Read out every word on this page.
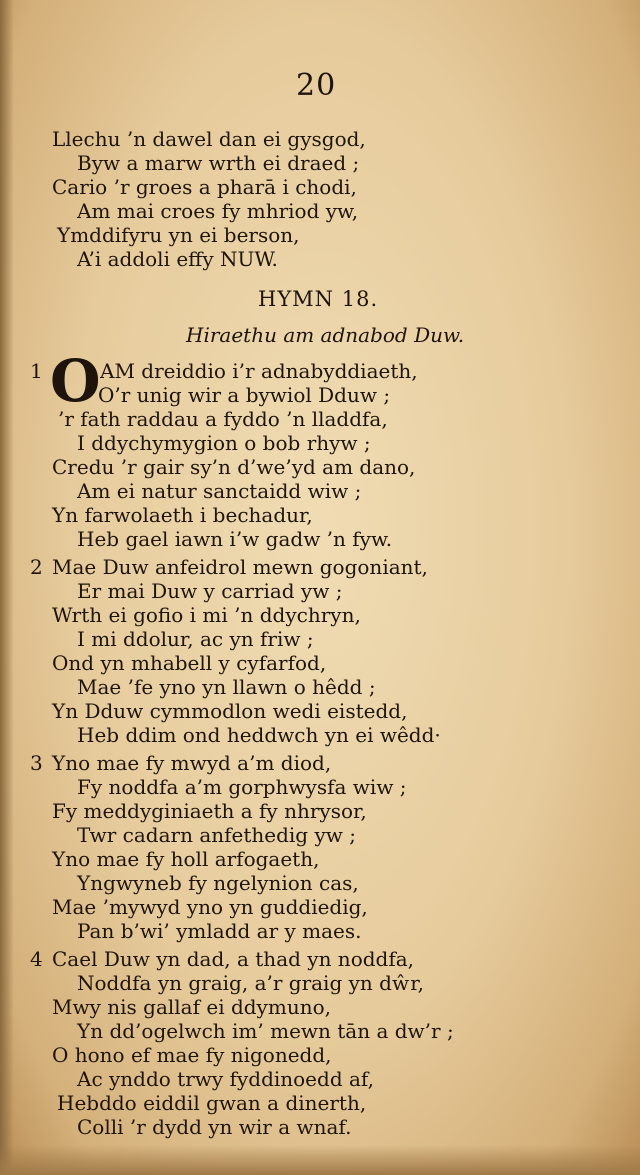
20
Llechu ’n dawel dan ei gysgod,
Byw a marw wrth ei draed ;
Cario ’r groes a pharā i chodi,
Am mai croes fy mhriod yw,
Ymddifyru yn ei berson,
A’i addoli effy NUW.
HYMN 18.
Hiraethu am adnabod Duw.
1 O AM dreiddio i’r adnabyddiaeth,
O’r unig wir a bywiol Dduw ;
’r fath raddau a fyddo ’n lladdfa,
I ddychymygion o bob rhyw ;
Credu ’r gair sy’n d’we’yd am dano,
Am ei natur sanctaidd wiw ;
Yn farwolaeth i bechadur,
Heb gael iawn i’w gadw ’n fyw.
2 Mae Duw anfeidrol mewn gogoniant,
Er mai Duw y carriad yw ;
Wrth ei gofio i mi ’n ddychryn,
I mi ddolur, ac yn friw ;
Ond yn mhabell y cyfarfod,
Mae ’fe yno yn llawn o hêdd ;
Yn Dduw cymmodlon wedi eistedd,
Heb ddim ond heddwch yn ei wêdd·
3 Yno mae fy mwyd a’m diod,
Fy noddfa a’m gorphwysfa wiw ;
Fy meddyginiaeth a fy nhrysor,
Twr cadarn anfethedig yw ;
Yno mae fy holl arfogaeth,
Yngwyneb fy ngelynion cas,
Mae ’mywyd yno yn guddiedig,
Pan b’wi’ ymladd ar y maes.
4 Cael Duw yn dad, a thad yn noddfa,
Noddfa yn graig, a’r graig yn dŵr,
Mwy nis gallaf ei ddymuno,
Yn dd’ogelwch im’ mewn tān a dw’r ;
O hono ef mae fy nigonedd,
Ac ynddo trwy fyddinoedd af,
Hebddo eiddil gwan a dinerth,
Colli ’r dydd yn wir a wnaf.
